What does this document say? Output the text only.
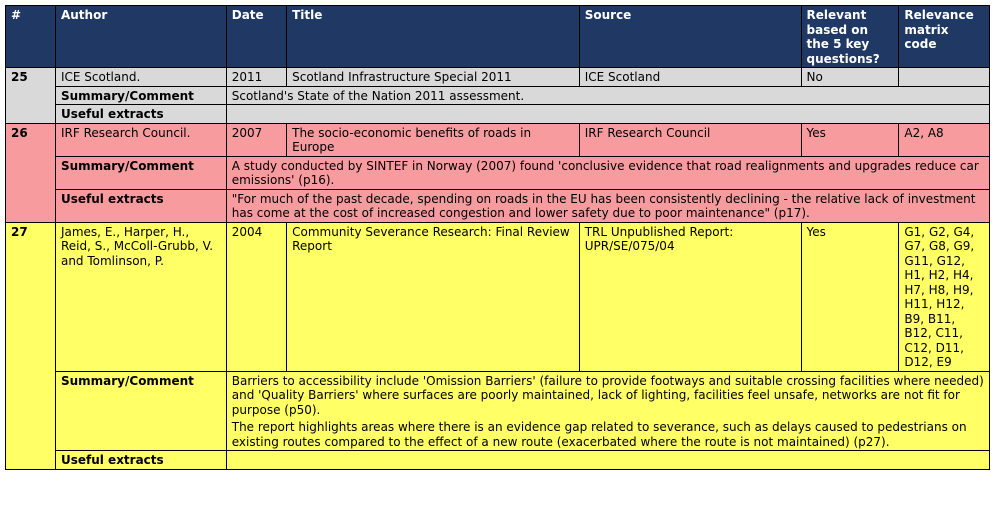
#	Author	Date	Title	Source	Relevant based on the 5 key questions?	Relevance matrix code
25	ICE Scotland.	2011	Scotland Infrastructure Special 2011	ICE Scotland	No	
	Summary/Comment	Scotland's State of the Nation 2011 assessment.				

	Useful extracts					
26	IRF Research Council.	2007	The socio-economic benefits of roads in Europe	IRF Research Council	Yes	A2, A8
	Summary/Comment	A study conducted by SINTEF in Norway (2007) found 'conclusive evidence that road realignments and upgrades reduce car emissions' (p16).				

	Useful extracts	"For much of the past decade, spending on roads in the EU has been consistently declining - the relative lack of investment has come at the cost of increased congestion and lower safety due to poor maintenance" (p17).				
27	James, E., Harper, H., Reid, S., McColl-Grubb, V. and Tomlinson, P.	2004	Community Severance Research: Final Review Report	TRL Unpublished Report: UPR/SE/075/04	Yes	G1, G2, G4, G7, G8, G9, G11, G12, H1, H2, H4, H7, H8, H9, H11, H12, B9, B11, B12, C11, C12, D11, D12, E9
	Summary/Comment	Barriers to accessibility include 'Omission Barriers' (failure to provide footways and suitable crossing facilities where needed) and 'Quality Barriers' where surfaces are poorly maintained, lack of lighting, facilities feel unsafe, networks are not fit for purpose (p50).

The report highlights areas where there is an evidence gap related to severance, such as delays caused to pedestrians on existing routes compared to the effect of a new route (exacerbated where the route is not maintained) (p27).				

	Useful extracts					
